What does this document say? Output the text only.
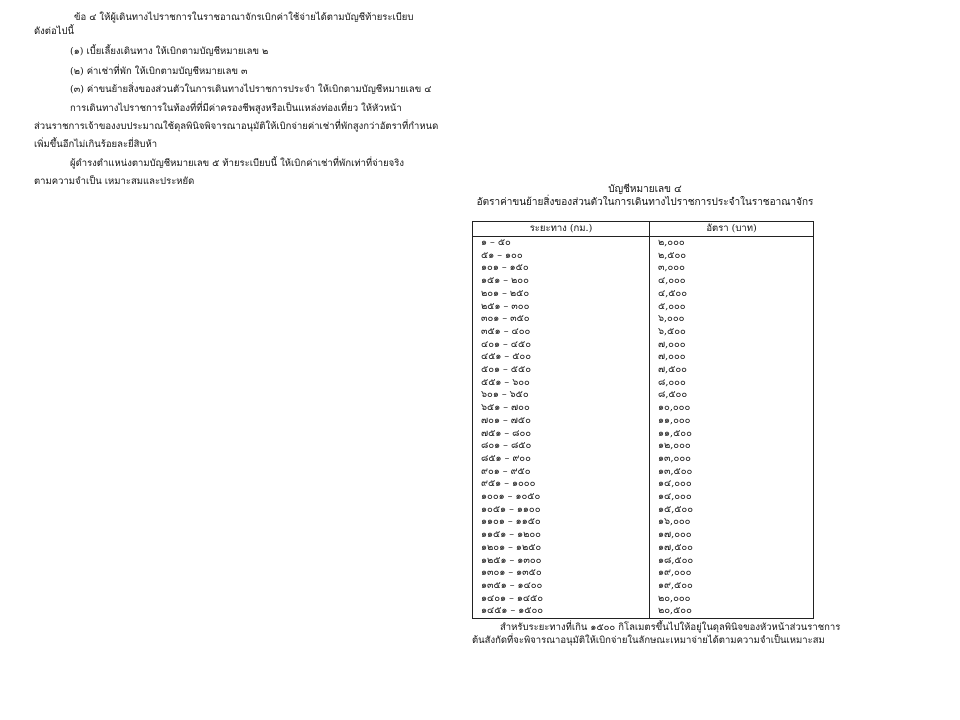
ข้อ ๔ ให้ผู้เดินทางไปราชการในราชอาณาจักรเบิกค่าใช้จ่ายได้ตามบัญชีท้ายระเบียบ
ดังต่อไปนี้
(๑) เบี้ยเลี้ยงเดินทาง ให้เบิกตามบัญชีหมายเลข ๒
(๒) ค่าเช่าที่พัก ให้เบิกตามบัญชีหมายเลข ๓
(๓) ค่าขนย้ายสิ่งของส่วนตัวในการเดินทางไปราชการประจำ ให้เบิกตามบัญชีหมายเลข ๔
การเดินทางไปราชการในท้องที่ที่มีค่าครองชีพสูงหรือเป็นแหล่งท่องเที่ยว ให้หัวหน้า
ส่วนราชการเจ้าของงบประมาณใช้ดุลพินิจพิจารณาอนุมัติให้เบิกจ่ายค่าเช่าที่พักสูงกว่าอัตราที่กำหนด
เพิ่มขึ้นอีกไม่เกินร้อยละยี่สิบห้า
ผู้ดำรงตำแหน่งตามบัญชีหมายเลข ๕ ท้ายระเบียบนี้ ให้เบิกค่าเช่าที่พักเท่าที่จ่ายจริง
ตามความจำเป็น เหมาะสมและประหยัด
บัญชีหมายเลข ๔
อัตราค่าขนย้ายสิ่งของส่วนตัวในการเดินทางไปราชการประจำในราชอาณาจักร
ระยะทาง (กม.)	อัตรา (บาท)
๑ – ๕๐	๒,๐๐๐
๕๑ – ๑๐๐	๒,๕๐๐
๑๐๑ – ๑๕๐	๓,๐๐๐
๑๕๑ – ๒๐๐	๔,๐๐๐
๒๐๑ – ๒๕๐	๔,๕๐๐
๒๕๑ – ๓๐๐	๕,๐๐๐
๓๐๑ – ๓๕๐	๖,๐๐๐
๓๕๑ – ๔๐๐	๖,๕๐๐
๔๐๑ – ๔๕๐	๗,๐๐๐
๔๕๑ – ๕๐๐	๗,๐๐๐
๕๐๑ – ๕๕๐	๗,๕๐๐
๕๕๑ – ๖๐๐	๘,๐๐๐
๖๐๑ – ๖๕๐	๘,๕๐๐
๖๕๑ – ๗๐๐	๑๐,๐๐๐
๗๐๑ – ๗๕๐	๑๑,๐๐๐
๗๕๑ – ๘๐๐	๑๑,๕๐๐
๘๐๑ – ๘๕๐	๑๒,๐๐๐
๘๕๑ – ๙๐๐	๑๓,๐๐๐
๙๐๑ – ๙๕๐	๑๓,๕๐๐
๙๕๑ – ๑๐๐๐	๑๔,๐๐๐
๑๐๐๑ – ๑๐๕๐	๑๔,๐๐๐
๑๐๕๑ – ๑๑๐๐	๑๕,๕๐๐
๑๑๐๑ – ๑๑๕๐	๑๖,๐๐๐
๑๑๕๑ – ๑๒๐๐	๑๗,๐๐๐
๑๒๐๑ – ๑๒๕๐	๑๗,๕๐๐
๑๒๕๑ – ๑๓๐๐	๑๘,๕๐๐
๑๓๐๑ – ๑๓๕๐	๑๙,๐๐๐
๑๓๕๑ – ๑๔๐๐	๑๙,๕๐๐
๑๔๐๑ – ๑๔๕๐	๒๐,๐๐๐
๑๔๕๑ – ๑๕๐๐	๒๐,๕๐๐
สำหรับระยะทางที่เกิน ๑๕๐๐ กิโลเมตรขึ้นไปให้อยู่ในดุลพินิจของหัวหน้าส่วนราชการ
ต้นสังกัดที่จะพิจารณาอนุมัติให้เบิกจ่ายในลักษณะเหมาจ่ายได้ตามความจำเป็นเหมาะสม
